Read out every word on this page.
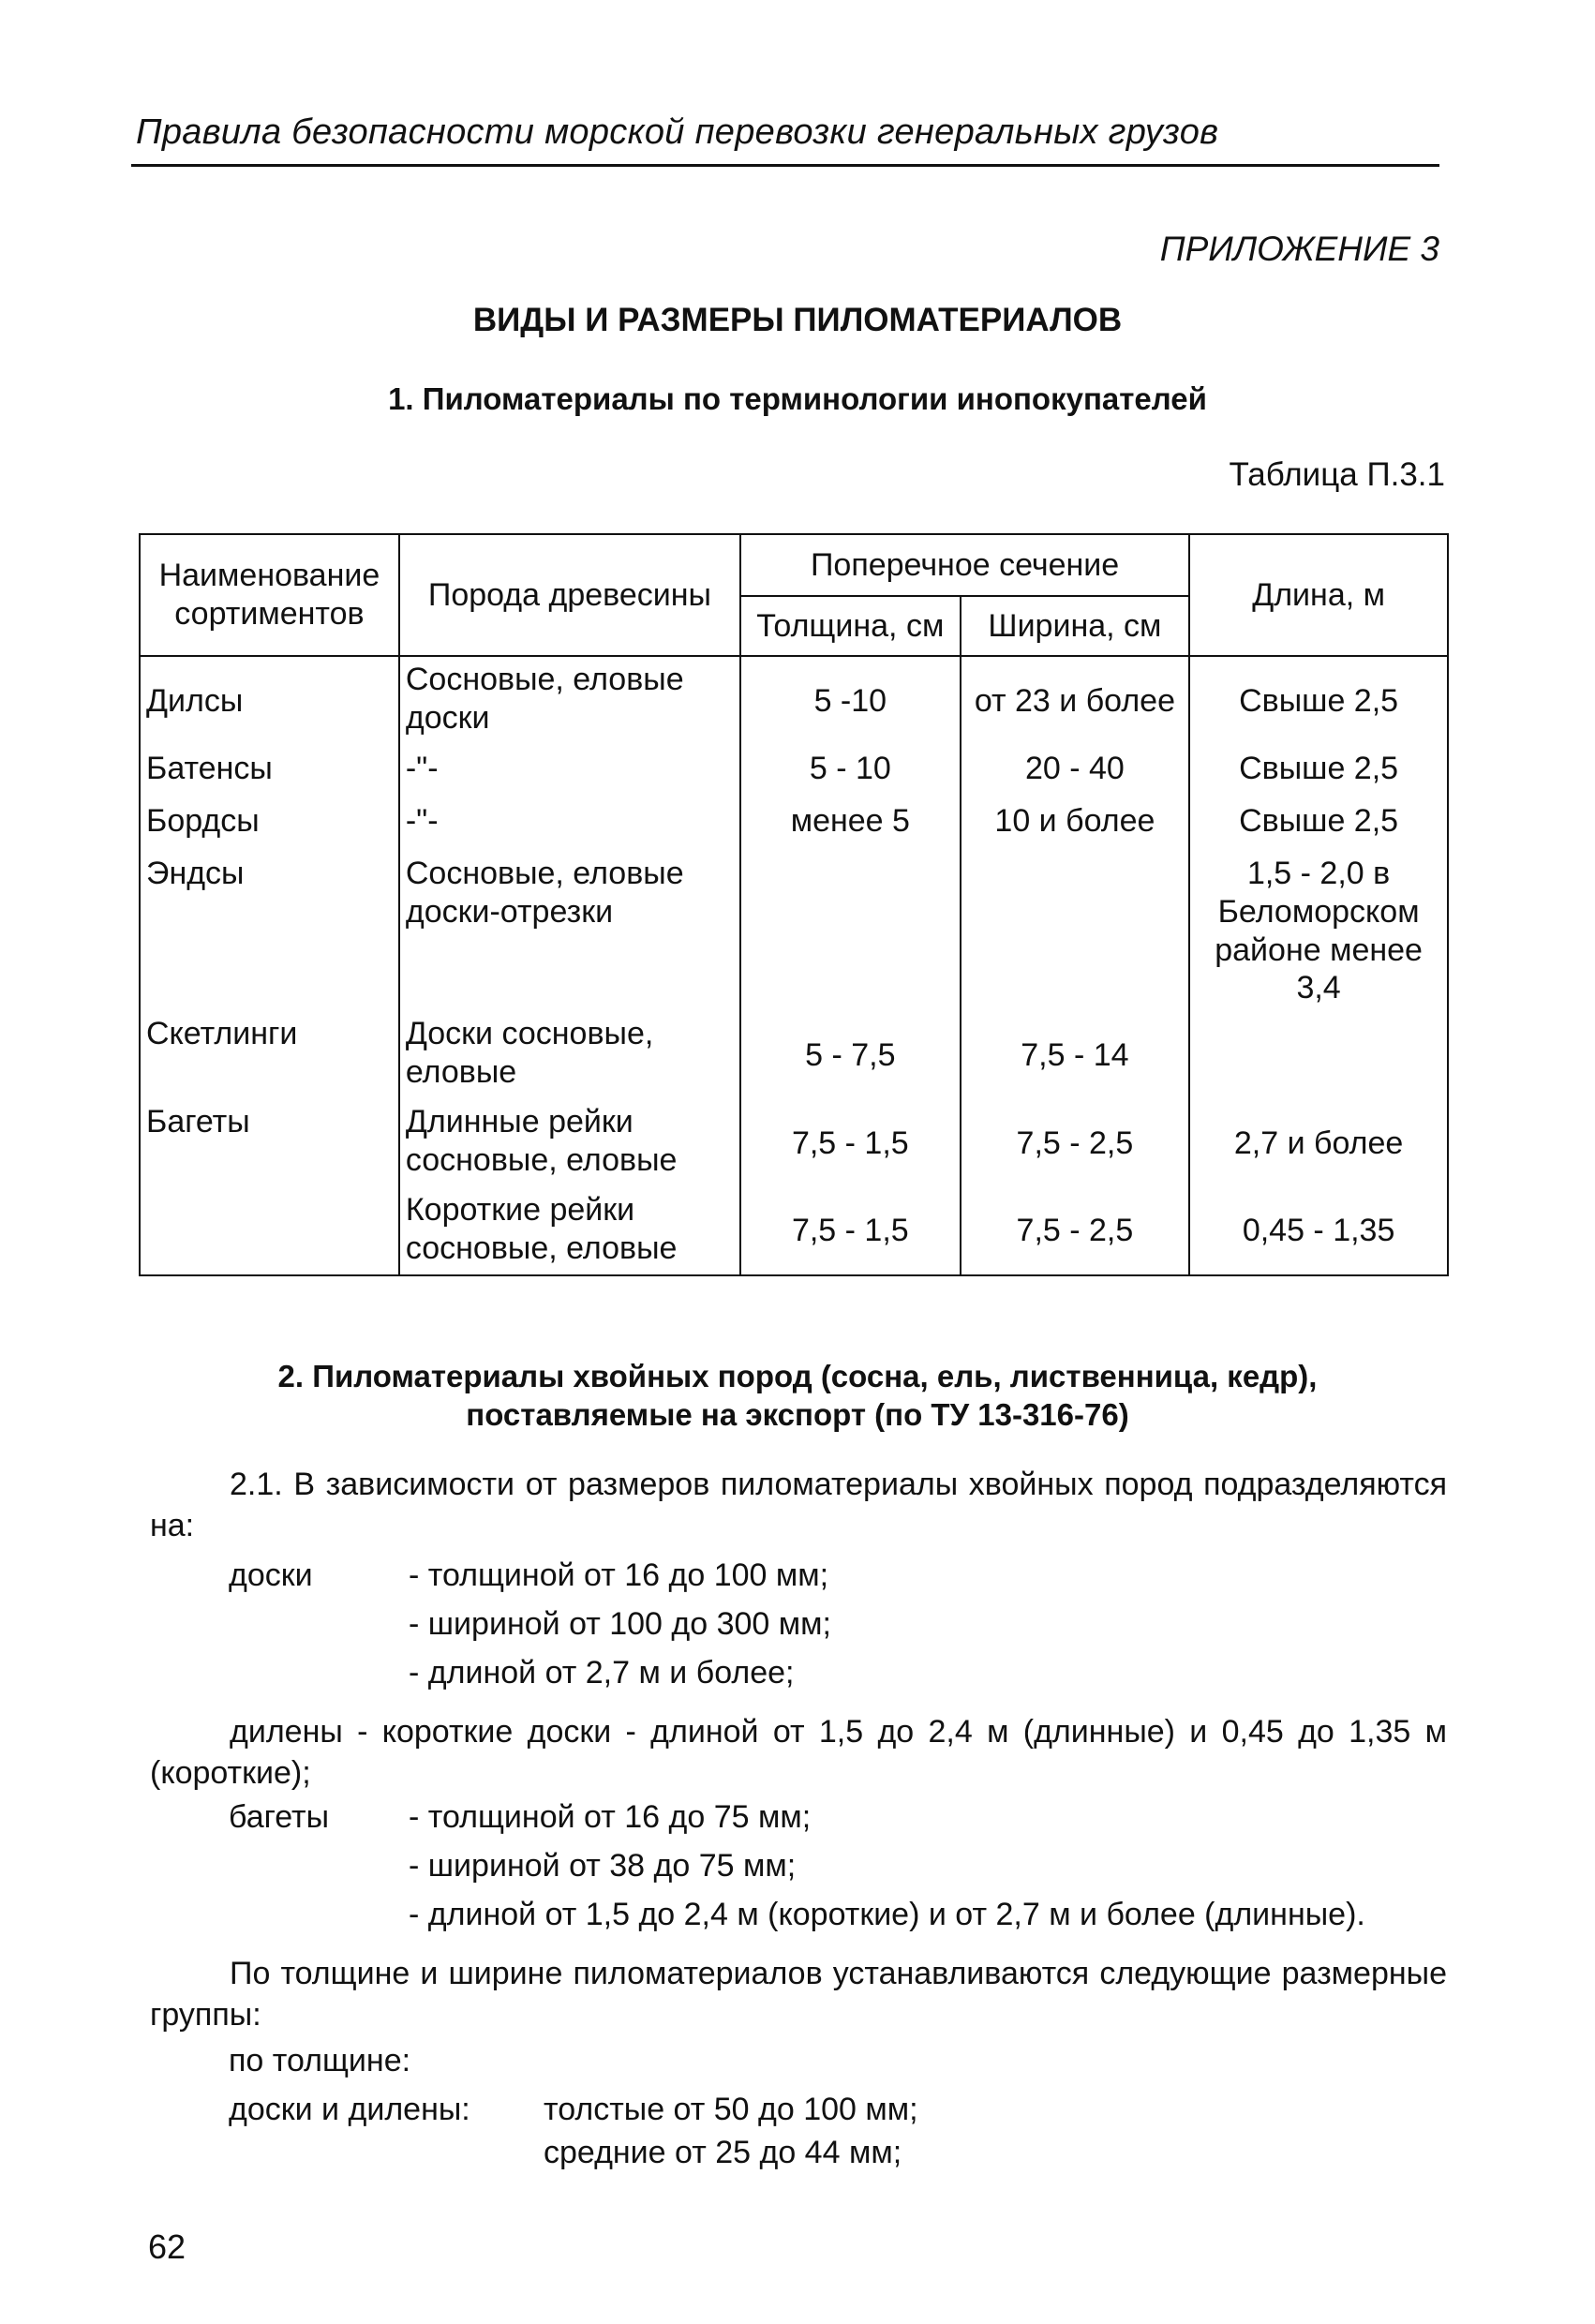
Правила безопасности морской перевозки генеральных грузов
ПРИЛОЖЕНИЕ 3
ВИДЫ И РАЗМЕРЫ ПИЛОМАТЕРИАЛОВ
1. Пиломатериалы по терминологии инопокупателей
Таблица П.3.1
Наименование сортиментов	Порода древесины	Поперечное сечение		Длина, м
		Толщина, см	Ширина, см	
Дилсы	Сосновые, еловые доски	5 -10	от 23 и более	Свыше 2,5
Батенсы	-"-	5 - 10	20 - 40	Свыше 2,5
Бордсы	-"-	менее 5	10 и более	Свыше 2,5
Эндсы	Сосновые, еловые доски-отрезки			1,5 - 2,0 в Беломорском районе менее 3,4
Скетлинги	Доски сосновые, еловые	5 - 7,5	7,5 - 14	
Багеты	Длинные рейки сосновые, еловые	7,5 - 1,5	7,5 - 2,5	2,7 и более
	Короткие рейки сосновые, еловые	7,5 - 1,5	7,5 - 2,5	0,45 - 1,35
2. Пиломатериалы хвойных пород (сосна, ель, лиственница, кедр),
поставляемые на экспорт (по ТУ 13-316-76)
2.1. В зависимости от размеров пиломатериалы хвойных пород подразделяются на:
доски	- толщиной от 16 до 100 мм;
- шириной от 100 до 300 мм;
- длиной от 2,7 м и более;
дилены - короткие доски - длиной от 1,5 до 2,4 м (длинные) и 0,45 до 1,35 м (короткие);
багеты - толщиной от 16 до 75 мм;
- шириной от 38 до 75 мм;
- длиной от 1,5 до 2,4 м (короткие) и от 2,7 м и более (длинные).
По толщине и ширине пиломатериалов устанавливаются следующие размерные группы:
по толщине:
доски и дилены: толстые от 50 до 100 мм;
средние от 25 до 44 мм;
62
